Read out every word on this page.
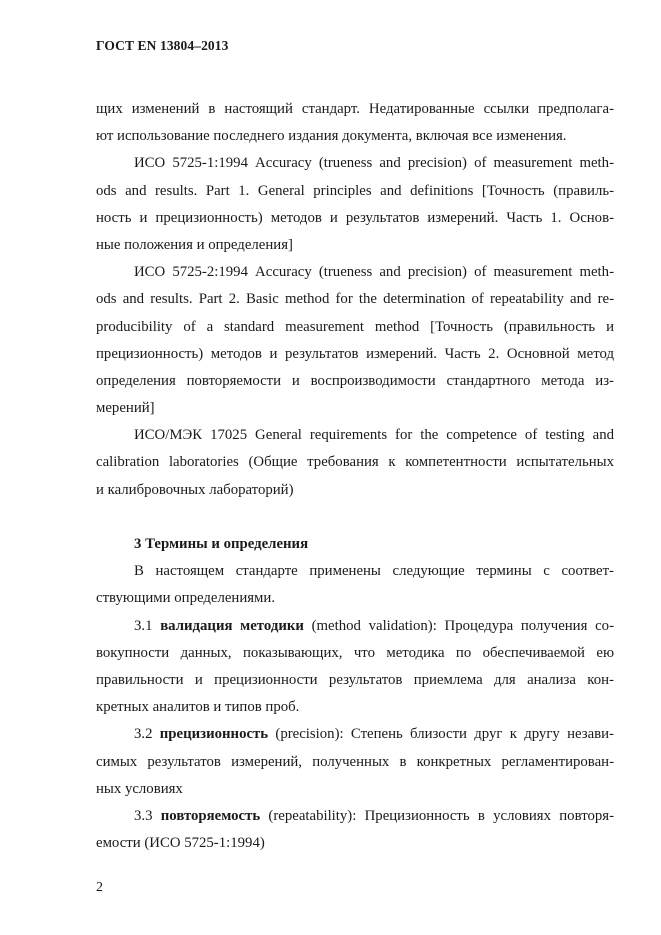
ГОСТ EN 13804–2013
щих изменений в настоящий стандарт. Недатированные ссылки предполага-
ют использование последнего издания документа, включая все изменения.
ИСО 5725-1:1994 Accuracy (trueness and precision) of measurement meth-
ods and results. Part 1. General principles and definitions [Точность (правиль-
ность и прецизионность) методов и результатов измерений. Часть 1. Основ-
ные положения и определения]
ИСО 5725-2:1994 Accuracy (trueness and precision) of measurement meth-
ods and results. Part 2. Basic method for the determination of repeatability and re-
producibility of a standard measurement method [Точность (правильность и
прецизионность) методов и результатов измерений. Часть 2. Основной метод
определения повторяемости и воспроизводимости стандартного метода из-
мерений]
ИСО/МЭК 17025 General requirements for the competence of testing and
calibration laboratories (Общие требования к компетентности испытательных
и калибровочных лабораторий)
3 Термины и определения
В настоящем стандарте применены следующие термины с соответ-
ствующими определениями.
3.1 валидация методики (method validation): Процедура получения со-
вокупности данных, показывающих, что методика по обеспечиваемой ею
правильности и прецизионности результатов приемлема для анализа кон-
кретных аналитов и типов проб.
3.2 прецизионность (precision): Степень близости друг к другу незави-
симых результатов измерений, полученных в конкретных регламентирован-
ных условиях
3.3 повторяемость (repeatability): Прецизионность в условиях повторя-
емости (ИСО 5725-1:1994)
2
